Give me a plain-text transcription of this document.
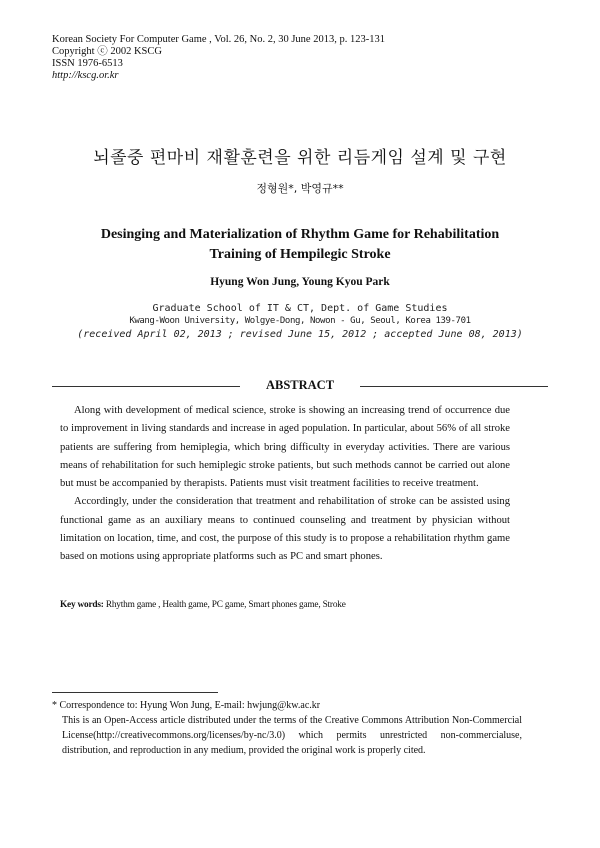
Korean Society For Computer Game , Vol. 26, No. 2, 30 June 2013, p. 123-131
Copyright ⓒ 2002 KSCG
ISSN 1976-6513
http://kscg.or.kr
뇌졸중 편마비 재활훈련을 위한 리듬게임 설계 및 구현
정형원*, 박영규**
Desinging and Materialization of Rhythm Game for Rehabilitation
Training of Hempilegic Stroke
Hyung Won Jung, Young Kyou Park
Graduate School of IT & CT, Dept. of Game Studies
Kwang-Woon University, Wolgye-Dong, Nowon - Gu, Seoul, Korea 139-701
(received April 02, 2013 ; revised June 15, 2012 ; accepted June 08, 2013)
ABSTRACT

Along with development of medical science, stroke is showing an increasing trend of occurrence due to improvement in living standards and increase in aged population. In particular, about 56% of all stroke patients are suffering from hemiplegia, which bring difficulty in everyday activities. There are various means of rehabilitation for such hemiplegic stroke patients, but such methods cannot be carried out alone but must be accompanied by therapists. Patients must visit treatment facilities to receive treatment.

Accordingly, under the consideration that treatment and rehabilitation of stroke can be assisted using functional game as an auxiliary means to continued counseling and treatment by physician without limitation on location, time, and cost, the purpose of this study is to propose a rehabilitation rhythm game based on motions using appropriate platforms such as PC and smart phones.

Key words: Rhythm game , Health game, PC game, Smart phones game, Stroke
* Correspondence to: Hyung Won Jung, E-mail: hwjung@kw.ac.kr
This is an Open-Access article distributed under the terms of the Creative Commons Attribution Non-Commercial License(http://creativecommons.org/licenses/by-nc/3.0) which permits unrestricted non-commercialuse, distribution, and reproduction in any medium, provided the original work is properly cited.
